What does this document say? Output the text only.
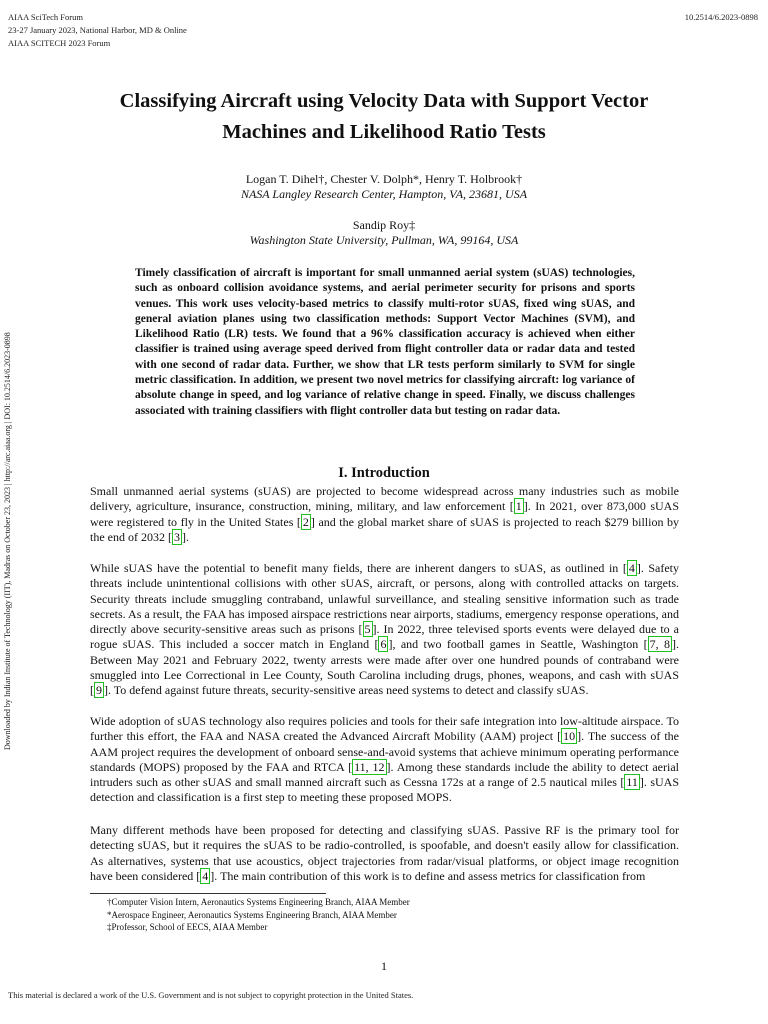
AIAA SciTech Forum
23-27 January 2023, National Harbor, MD & Online
AIAA SCITECH 2023 Forum
10.2514/6.2023-0898
Downloaded by Indian Institute of Technology (IIT), Madras on October 23, 2023 | http://arc.aiaa.org | DOI: 10.2514/6.2023-0898
Classifying Aircraft using Velocity Data with Support Vector
Machines and Likelihood Ratio Tests
Logan T. Dihel†, Chester V. Dolph*, Henry T. Holbrook†
NASA Langley Research Center, Hampton, VA, 23681, USA
Sandip Roy‡
Washington State University, Pullman, WA, 99164, USA
Timely classification of aircraft is important for small unmanned aerial system (sUAS) technologies, such as onboard collision avoidance systems, and aerial perimeter security for prisons and sports venues. This work uses velocity-based metrics to classify multi-rotor sUAS, fixed wing sUAS, and general aviation planes using two classification methods: Support Vector Machines (SVM), and Likelihood Ratio (LR) tests. We found that a 96% classification accuracy is achieved when either classifier is trained using average speed derived from flight controller data or radar data and tested with one second of radar data. Further, we show that LR tests perform similarly to SVM for single metric classification. In addition, we present two novel metrics for classifying aircraft: log variance of absolute change in speed, and log variance of relative change in speed. Finally, we discuss challenges associated with training classifiers with flight controller data but testing on radar data.
I. Introduction

Small unmanned aerial systems (sUAS) are projected to become widespread across many industries such as mobile delivery, agriculture, insurance, construction, mining, military, and law enforcement [ 1 ]. In 2021, over 873,000 sUAS were registered to fly in the United States [ 2 ] and the global market share of sUAS is projected to reach $279 billion by the end of 2032 [ 3 ].

While sUAS have the potential to benefit many fields, there are inherent dangers to sUAS, as outlined in [ 4 ]. Safety threats include unintentional collisions with other sUAS, aircraft, or persons, along with controlled attacks on targets. Security threats include smuggling contraband, unlawful surveillance, and stealing sensitive information such as trade secrets. As a result, the FAA has imposed airspace restrictions near airports, stadiums, emergency response operations, and directly above security-sensitive areas such as prisons [ 5 ]. In 2022, three televised sports events were delayed due to a rogue sUAS. This included a soccer match in England [ 6 ], and two football games in Seattle, Washington [ 7, 8 ]. Between May 2021 and February 2022, twenty arrests were made after over one hundred pounds of contraband were smuggled into Lee Correctional in Lee County, South Carolina including drugs, phones, weapons, and cash with sUAS [ 9 ]. To defend against future threats, security-sensitive areas need systems to detect and classify sUAS.

Wide adoption of sUAS technology also requires policies and tools for their safe integration into low-altitude airspace. To further this effort, the FAA and NASA created the Advanced Aircraft Mobility (AAM) project [ 10 ]. The success of the AAM project requires the development of onboard sense-and-avoid systems that achieve minimum operating performance standards (MOPS) proposed by the FAA and RTCA [ 11, 12 ]. Among these standards include the ability to detect aerial intruders such as other sUAS and small manned aircraft such as Cessna 172s at a range of 2.5 nautical miles [ 11 ]. sUAS detection and classification is a first step to meeting these proposed MOPS.

Many different methods have been proposed for detecting and classifying sUAS. Passive RF is the primary tool for detecting sUAS, but it requires the sUAS to be radio-controlled, is spoofable, and doesn't easily allow for classification. As alternatives, systems that use acoustics, object trajectories from radar/visual platforms, or object image recognition have been considered [ 4 ]. The main contribution of this work is to define and assess metrics for classification from

†Computer Vision Intern, Aeronautics Systems Engineering Branch, AIAA Member
*Aerospace Engineer, Aeronautics Systems Engineering Branch, AIAA Member
‡Professor, School of EECS, AIAA Member
1
This material is declared a work of the U.S. Government and is not subject to copyright protection in the United States.
